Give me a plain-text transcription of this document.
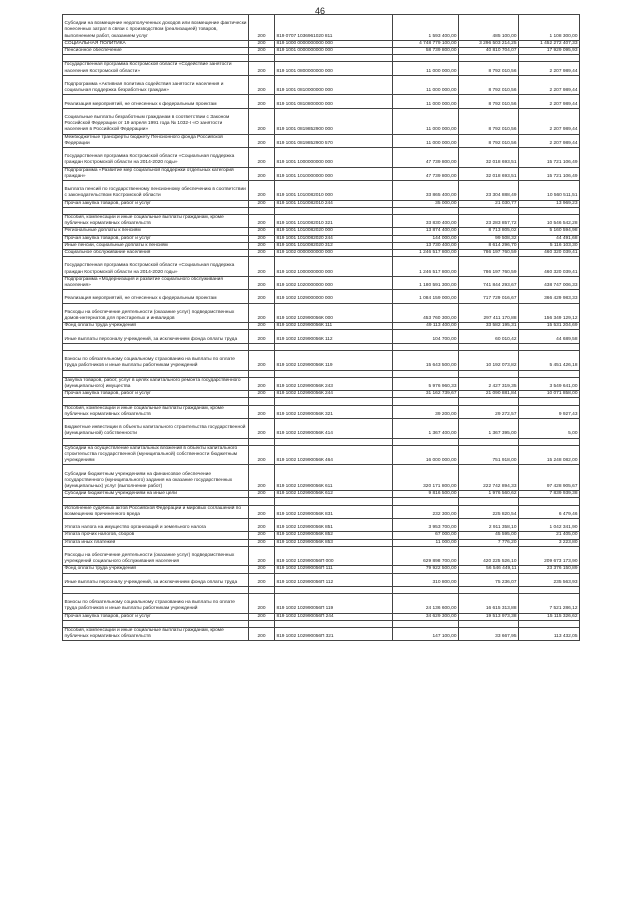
46
Субсидии на возмещение недополученных доходов или возмещение фактически понесенных затрат в связи с производством (реализацией) товаров, выполнением работ, оказанием услуг	200	819 0707 1036961020 811	1 593 400,00	485 100,00	1 108 300,00
СОЦИАЛЬНАЯ ПОЛИТИКА	200	819 1000 0000000000 000	4 748 779 100,00	3 296 503 214,25	1 452 272 407,33
Пенсионное обеспечение	200	819 1001 0000000000 000	58 739 800,00	40 810 704,07	17 929 095,93

Государственная программа Костромской области «Содействие занятости населения Костромской области»	200	819 1001 0800000000 000	11 000 000,00	8 792 010,56	2 207 989,44
Подпрограмма «Активная политика содействия занятости населения и социальная поддержка безработных граждан»	200	819 1001 0810000000 000	11 000 000,00	8 792 010,56	2 207 989,44
Реализация мероприятий, не отнесенных к федеральным проектам	200	819 1001 0810800000 000	11 000 000,00	8 792 010,56	2 207 989,44
Социальные выплаты безработным гражданам в соответствии с Законом Российской Федерации от 19 апреля 1991 года № 1032-I «О занятости населения в Российской Федерации»	200	819 1001 0819852900 000	11 000 000,00	8 792 010,56	2 207 989,44
Межбюджетные трансферты бюджету Пенсионного фонда Российской Федерации	200	819 1001 0819852900 570	11 000 000,00	8 792 010,56	2 207 989,44
Государственная программа Костромской области «Социальная поддержка граждан Костромской области на 2014-2020 годы»	200	819 1001 1000000000 000	47 739 800,00	32 018 693,51	15 721 106,49
Подпрограмма «Развитие мер социальной поддержки отдельных категорий граждан»	200	819 1001 1010000000 000	47 739 800,00	32 018 693,51	15 721 106,49
Выплата пенсий по государственному пенсионному обеспечению в соответствии с законодательством Костромской области	200	819 1001 1010082010 000	33 865 400,00	23 304 888,49	10 560 511,51
Прочая закупка товаров, работ и услуг	200	819 1001 1010082010 244	35 000,00	21 030,77	13 969,23

Пособия, компенсации и иные социальные выплаты гражданам, кроме публичных нормативных обязательств	200	819 1001 1010082010 321	33 830 400,00	23 283 857,72	10 546 542,28
Региональные доплаты к пенсиям	200	819 1001 1010082020 000	13 874 400,00	8 713 805,02	5 160 594,98
Прочая закупка товаров, работ и услуг	200	819 1001 1010082020 244	144 000,00	99 508,32	44 491,68
Иные пенсии, социальные доплаты к пенсиям	200	819 1001 1010082020 312	13 730 400,00	8 614 296,70	5 116 103,30
Социальное обслуживание населения	200	819 1002 0000000000 000	1 246 517 800,00	786 197 760,59	460 320 039,41
Государственная программа Костромской области «Социальная поддержка граждан Костромской области на 2014-2020 годы»	200	819 1002 1000000000 000	1 246 517 800,00	786 197 760,59	460 320 039,41
Подпрограмма «Модернизация и развитие социального обслуживания населения»	200	819 1002 1020000000 000	1 180 591 300,00	741 844 293,67	438 747 006,33
Реализация мероприятий, не отнесенных к федеральным проектам	200	819 1002 1029000000 000	1 084 159 000,00	717 729 016,67	366 429 983,33
Расходы на обеспечение деятельности (оказание услуг) подведомственных домов-интернатов для престарелых и инвалидов	200	819 1002 102990056К 000	453 760 300,00	297 411 170,88	156 349 129,12
Фонд оплаты труда учреждений	200	819 1002 102990056К 111	49 113 400,00	33 582 195,31	15 531 204,69
Иные выплаты персоналу учреждений, за исключением фонда оплаты труда	200	819 1002 102990056К 112	104 700,00	60 010,42	44 689,58

Взносы по обязательному социальному страхованию на выплаты по оплате труда работников и иные выплаты работникам учреждений	200	819 1002 102990056К 119	15 643 500,00	10 192 073,82	5 451 426,18

Закупка товаров, работ, услуг в целях капитального ремонта государственного (муниципального) имущества	200	819 1002 102990056К 243	5 976 960,33	2 427 319,35	3 549 641,00
Прочая закупка товаров, работ и услуг	200	819 1002 102990056К 244	31 162 739,67	21 090 881,84	10 071 858,00

Пособия, компенсации и иные социальные выплаты гражданам, кроме публичных нормативных обязательств	200	819 1002 102990056К 321	39 200,00	29 272,57	9 927,43
Бюджетные инвестиции в объекты капитального строительства государственной (муниципальной) собственности	200	819 1002 102990056К 414	1 367 400,00	1 367 395,00	5,00

Субсидии на осуществление капитальных вложений в объекты капитального строительства государственной (муниципальной) собственности бюджетным учреждениям	200	819 1002 102990056К 464	16 000 000,00	751 918,00	15 248 082,00
Субсидии бюджетным учреждениям на финансовое обеспечение государственного (муниципального) задания на оказание государственных (муниципальных) услуг (выполнение работ)	200	819 1002 102990056К 611	320 171 800,00	222 742 894,33	97 428 905,67
Субсидии бюджетным учреждениям на иные цели	200	819 1002 102990056К 612	9 816 500,00	1 976 560,62	7 839 939,38

Исполнение судебных актов Российской Федерации и мировых соглашений по возмещению причиненного вреда	200	819 1002 102990056К 831	232 300,00	225 820,54	6 479,46
Уплата налога на имущество организаций и земельного налога	200	819 1002 102990056К 851	3 953 700,00	2 911 358,10	1 042 341,90
Уплата прочих налогов, сборов	200	819 1002 102990056К 852	67 000,00	45 595,00	21 405,00
Уплата иных платежей	200	819 1002 102990056К 853	11 000,00	7 776,20	3 223,80
Расходы на обеспечение деятельности (оказание услуг) подведомственных учреждений социального обслуживания населения	200	819 1002 102990056П 000	629 898 700,00	420 225 526,10	209 673 173,90
Фонд оплаты труда учреждений	200	819 1002 102990056П 111	79 922 500,00	56 546 449,11	23 376 150,89
Иные выплаты персоналу учреждений, за исключением фонда оплаты труда	200	819 1002 102990056П 112	310 800,00	75 236,07	235 563,93

Взносы по обязательному социальному страхованию на выплаты по оплате труда работников и иные выплаты работникам учреждений	200	819 1002 102990056П 119	24 136 600,00	16 615 313,88	7 521 286,12
Прочая закупка товаров, работ и услуг	200	819 1002 102990056П 244	34 629 300,00	19 513 973,38	15 115 326,62

Пособия, компенсации и иные социальные выплаты гражданам, кроме публичных нормативных обязательств	200	819 1002 102990056П 321	147 100,00	33 667,95	113 432,05
